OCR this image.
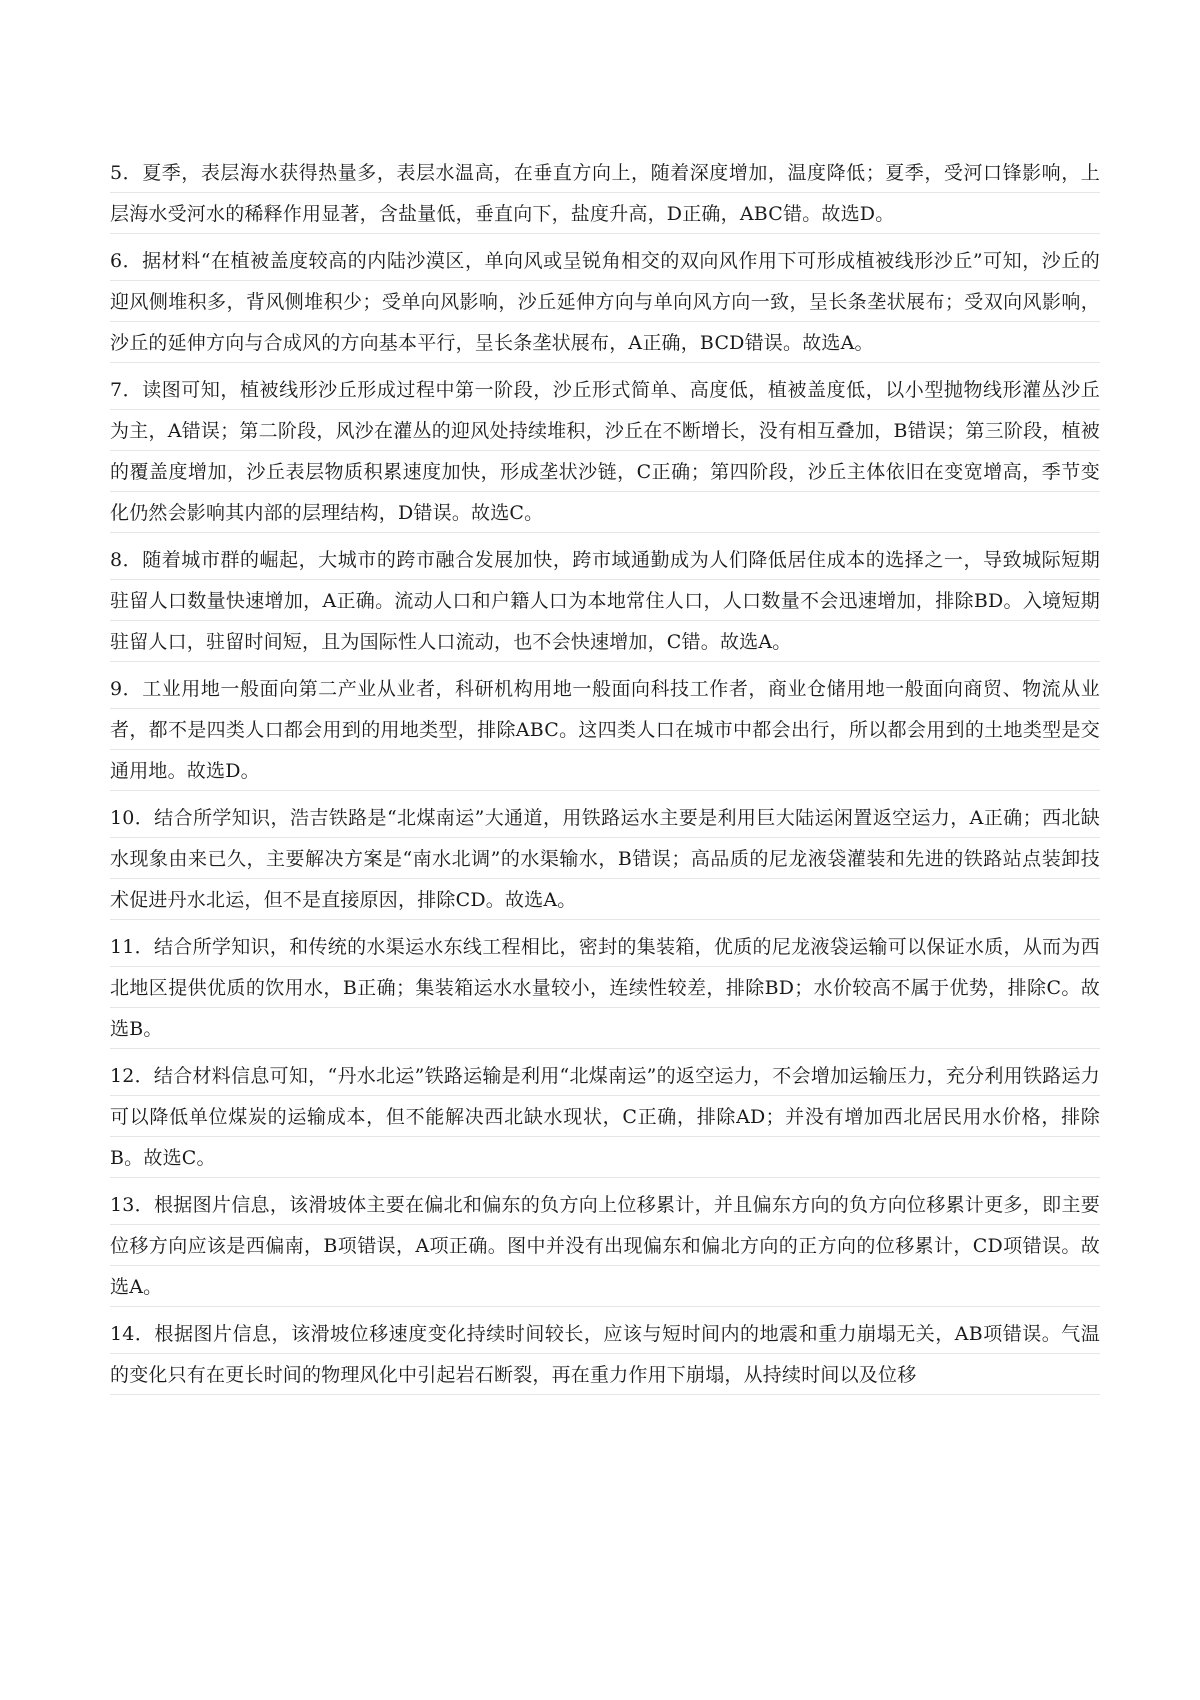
5．夏季，表层海水获得热量多，表层水温高，在垂直方向上，随着深度增加，温度降低；夏季，受河口锋影响，上层海水受河水的稀释作用显著，含盐量低，垂直向下，盐度升高，D正确，ABC错。故选D。

6．据材料“在植被盖度较高的内陆沙漠区，单向风或呈锐角相交的双向风作用下可形成植被线形沙丘”可知，沙丘的迎风侧堆积多，背风侧堆积少；受单向风影响，沙丘延伸方向与单向风方向一致，呈长条垄状展布；受双向风影响，沙丘的延伸方向与合成风的方向基本平行，呈长条垄状展布，A正确，BCD错误。故选A。

7．读图可知，植被线形沙丘形成过程中第一阶段，沙丘形式简单、高度低，植被盖度低，以小型抛物线形灌丛沙丘为主，A错误；第二阶段，风沙在灌丛的迎风处持续堆积，沙丘在不断增长，没有相互叠加，B错误；第三阶段，植被的覆盖度增加，沙丘表层物质积累速度加快，形成垄状沙链，C正确；第四阶段，沙丘主体依旧在变宽增高，季节变化仍然会影响其内部的层理结构，D错误。故选C。

8．随着城市群的崛起，大城市的跨市融合发展加快，跨市域通勤成为人们降低居住成本的选择之一，导致城际短期驻留人口数量快速增加，A正确。流动人口和户籍人口为本地常住人口，人口数量不会迅速增加，排除BD。入境短期驻留人口，驻留时间短，且为国际性人口流动，也不会快速增加，C错。故选A。

9．工业用地一般面向第二产业从业者，科研机构用地一般面向科技工作者，商业仓储用地一般面向商贸、物流从业者，都不是四类人口都会用到的用地类型，排除ABC。这四类人口在城市中都会出行，所以都会用到的土地类型是交通用地。故选D。

10．结合所学知识，浩吉铁路是“北煤南运”大通道，用铁路运水主要是利用巨大陆运闲置返空运力，A正确；西北缺水现象由来已久，主要解决方案是“南水北调”的水渠输水，B错误；高品质的尼龙液袋灌装和先进的铁路站点装卸技术促进丹水北运，但不是直接原因，排除CD。故选A。

11．结合所学知识，和传统的水渠运水东线工程相比，密封的集装箱，优质的尼龙液袋运输可以保证水质，从而为西北地区提供优质的饮用水，B正确；集装箱运水水量较小，连续性较差，排除BD；水价较高不属于优势，排除C。故选B。

12．结合材料信息可知，“丹水北运”铁路运输是利用“北煤南运”的返空运力，不会增加运输压力，充分利用铁路运力可以降低单位煤炭的运输成本，但不能解决西北缺水现状，C正确，排除AD；并没有增加西北居民用水价格，排除B。故选C。

13．根据图片信息，该滑坡体主要在偏北和偏东的负方向上位移累计，并且偏东方向的负方向位移累计更多，即主要位移方向应该是西偏南，B项错误，A项正确。图中并没有出现偏东和偏北方向的正方向的位移累计，CD项错误。故选A。

14．根据图片信息，该滑坡位移速度变化持续时间较长，应该与短时间内的地震和重力崩塌无关，AB项错误。气温的变化只有在更长时间的物理风化中引起岩石断裂，再在重力作用下崩塌，从持续时间以及位移
